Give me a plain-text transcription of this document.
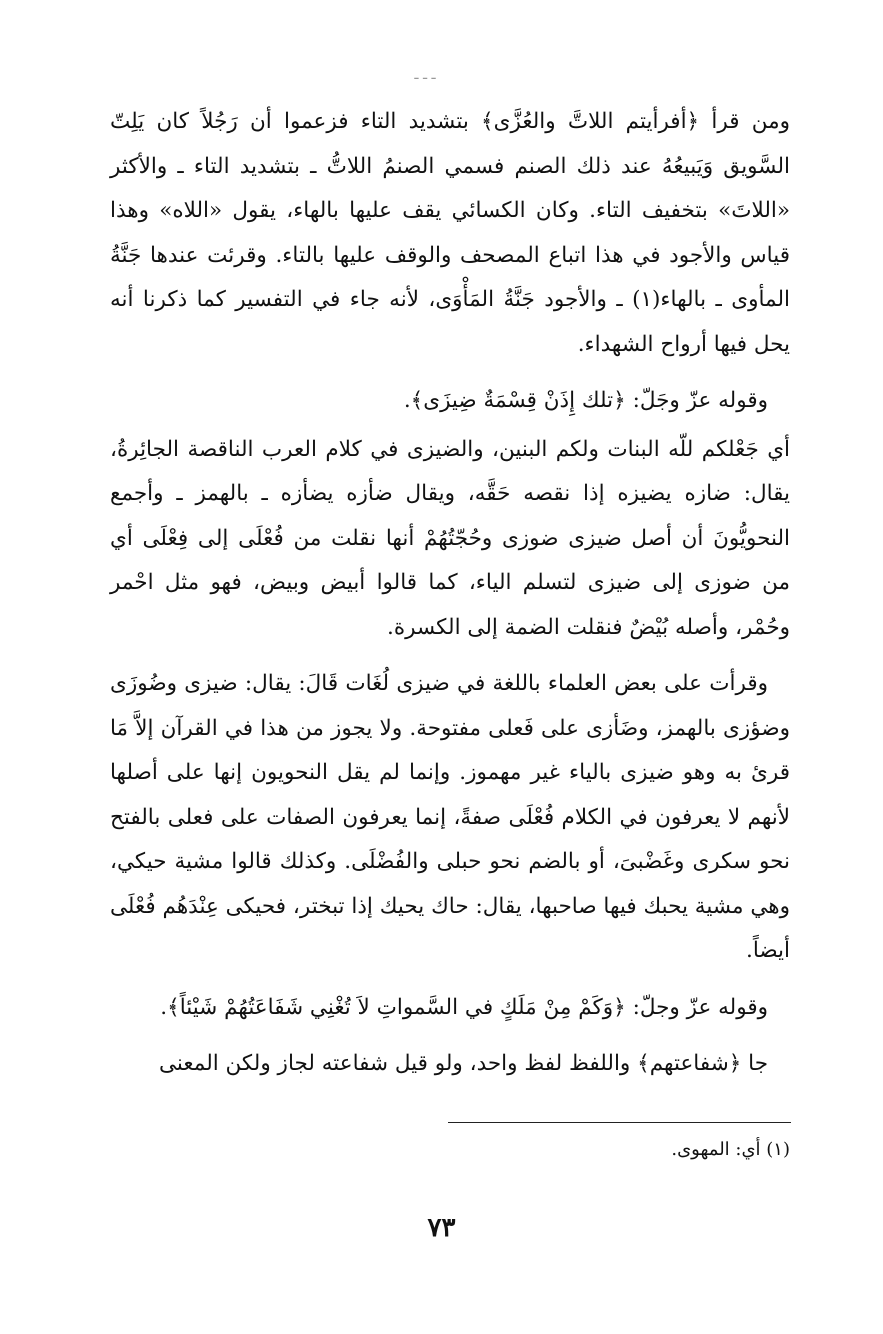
ـ ـ ـ

ومن قرأ ﴿أفرأيتم اللاتَّ والعُزَّى﴾ بتشديد التاء فزعموا أن رَجُلاً كان يَلِتّ السَّويق وَيَبيعُهُ عند ذلك الصنم فسمي الصنمُ اللاتُّ ـ بتشديد التاء ـ والأكثر «اللاتَ» بتخفيف التاء. وكان الكسائي يقف عليها بالهاء، يقول «اللاه» وهذا قياس والأجود في هذا اتباع المصحف والوقف عليها بالتاء. وقرئت عندها جَنَّةُ المأوى ـ بالهاء(١) ـ والأجود جَنَّةُ المَأْوَى، لأنه جاء في التفسير كما ذكرنا أنه يحل فيها أرواح الشهداء.

وقوله عزّ وجَلّ: ﴿تلك إِذَنْ قِسْمَةٌ ضِيزَى﴾.

أي جَعْلكم للّه البنات ولكم البنين، والضيزى في كلام العرب الناقصة الجائِرةُ، يقال: ضازه يضيزه إذا نقصه حَقَّه، ويقال ضأزه يضأزه ـ بالهمز ـ وأجمع النحويُّونَ أن أصل ضيزى ضوزى وحُجّتُهُمْ أنها نقلت من فُعْلَى إلى فِعْلَى أي من ضوزى إلى ضيزى لتسلم الياء، كما قالوا أبيض وبيض، فهو مثل احْمر وحُمْر، وأصله بُيْضٌ فنقلت الضمة إلى الكسرة.

وقرأت على بعض العلماء باللغة في ضيزى لُغَات قَالَ: يقال: ضيزى وضُوزَى وضؤزى بالهمز، وضَأزى على فَعلى مفتوحة. ولا يجوز من هذا في القرآن إلاَّ مَا قرئ به وهو ضيزى بالياء غير مهموز. وإنما لم يقل النحويون إنها على أصلها لأنهم لا يعرفون في الكلام فُعْلَى صفةً، إنما يعرفون الصفات على فعلى بالفتح نحو سكرى وغَضْبىَ، أو بالضم نحو حبلى والفُضْلَى. وكذلك قالوا مشية حيكي، وهي مشية يحبك فيها صاحبها، يقال: حاك يحيك إذا تبختر، فحيكى عِنْدَهُم فُعْلَى أيضاً.

وقوله عزّ وجلّ: ﴿وَكَمْ مِنْ مَلَكٍ في السَّمواتِ لاَ تُغْنِي شَفَاعَتُهُمْ شَيْئاً﴾.

جا ﴿شفاعتهم﴾ واللفظ لفظ واحد، ولو قيل شفاعته لجاز ولكن المعنى

(١) أي: المهوى.
٧٣
